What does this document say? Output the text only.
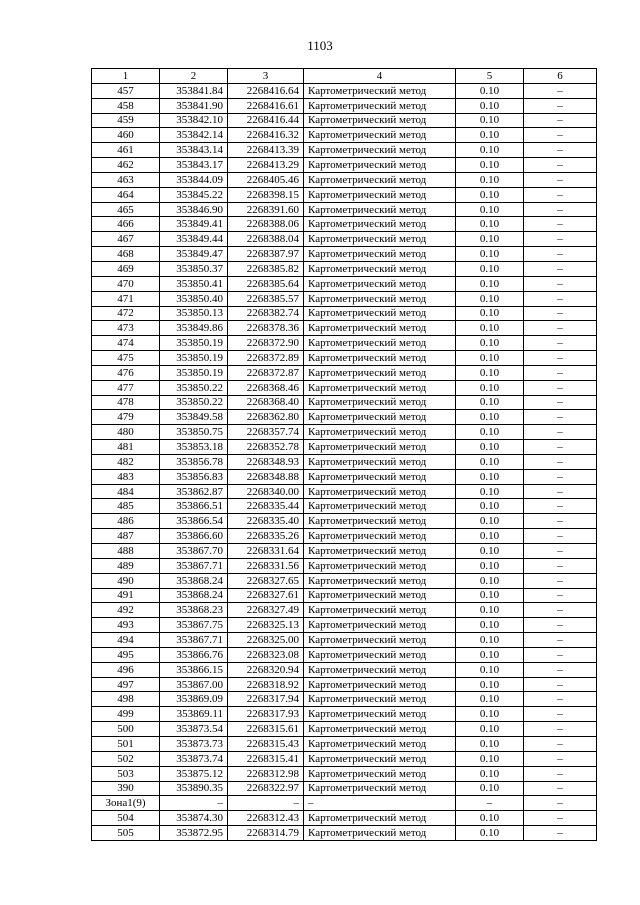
1103
1	2	3	4	5	6
457	353841.84	2268416.64	Картометрический метод	0.10	–
458	353841.90	2268416.61	Картометрический метод	0.10	–
459	353842.10	2268416.44	Картометрический метод	0.10	–
460	353842.14	2268416.32	Картометрический метод	0.10	–
461	353843.14	2268413.39	Картометрический метод	0.10	–
462	353843.17	2268413.29	Картометрический метод	0.10	–
463	353844.09	2268405.46	Картометрический метод	0.10	–
464	353845.22	2268398.15	Картометрический метод	0.10	–
465	353846.90	2268391.60	Картометрический метод	0.10	–
466	353849.41	2268388.06	Картометрический метод	0.10	–
467	353849.44	2268388.04	Картометрический метод	0.10	–
468	353849.47	2268387.97	Картометрический метод	0.10	–
469	353850.37	2268385.82	Картометрический метод	0.10	–
470	353850.41	2268385.64	Картометрический метод	0.10	–
471	353850.40	2268385.57	Картометрический метод	0.10	–
472	353850.13	2268382.74	Картометрический метод	0.10	–
473	353849.86	2268378.36	Картометрический метод	0.10	–
474	353850.19	2268372.90	Картометрический метод	0.10	–
475	353850.19	2268372.89	Картометрический метод	0.10	–
476	353850.19	2268372.87	Картометрический метод	0.10	–
477	353850.22	2268368.46	Картометрический метод	0.10	–
478	353850.22	2268368.40	Картометрический метод	0.10	–
479	353849.58	2268362.80	Картометрический метод	0.10	–
480	353850.75	2268357.74	Картометрический метод	0.10	–
481	353853.18	2268352.78	Картометрический метод	0.10	–
482	353856.78	2268348.93	Картометрический метод	0.10	–
483	353856.83	2268348.88	Картометрический метод	0.10	–
484	353862.87	2268340.00	Картометрический метод	0.10	–
485	353866.51	2268335.44	Картометрический метод	0.10	–
486	353866.54	2268335.40	Картометрический метод	0.10	–
487	353866.60	2268335.26	Картометрический метод	0.10	–
488	353867.70	2268331.64	Картометрический метод	0.10	–
489	353867.71	2268331.56	Картометрический метод	0.10	–
490	353868.24	2268327.65	Картометрический метод	0.10	–
491	353868.24	2268327.61	Картометрический метод	0.10	–
492	353868.23	2268327.49	Картометрический метод	0.10	–
493	353867.75	2268325.13	Картометрический метод	0.10	–
494	353867.71	2268325.00	Картометрический метод	0.10	–
495	353866.76	2268323.08	Картометрический метод	0.10	–
496	353866.15	2268320.94	Картометрический метод	0.10	–
497	353867.00	2268318.92	Картометрический метод	0.10	–
498	353869.09	2268317.94	Картометрический метод	0.10	–
499	353869.11	2268317.93	Картометрический метод	0.10	–
500	353873.54	2268315.61	Картометрический метод	0.10	–
501	353873.73	2268315.43	Картометрический метод	0.10	–
502	353873.74	2268315.41	Картометрический метод	0.10	–
503	353875.12	2268312.98	Картометрический метод	0.10	–
390	353890.35	2268322.97	Картометрический метод	0.10	–
Зона1(9)	–	–	–	–	–
504	353874.30	2268312.43	Картометрический метод	0.10	–
505	353872.95	2268314.79	Картометрический метод	0.10	–
